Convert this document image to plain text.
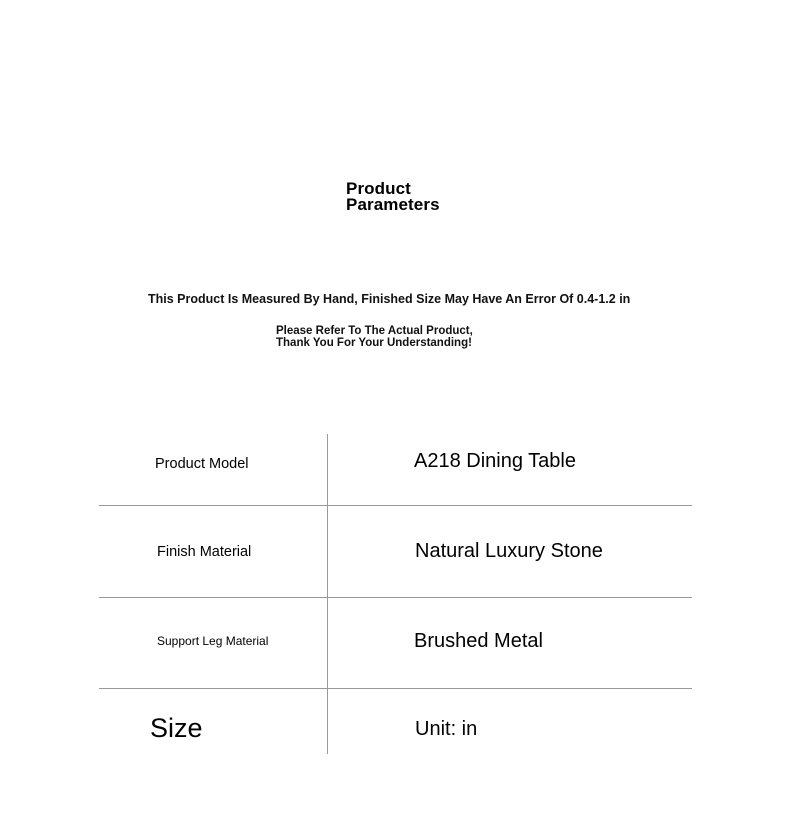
Product
Parameters
This Product Is Measured By Hand, Finished Size May Have An Error Of 0.4-1.2 in
Please Refer To The Actual Product,
Thank You For Your Understanding!
Product Model	A218 Dining Table
Finish Material	Natural Luxury Stone
Support Leg Material	Brushed Metal
Size	Unit: in
